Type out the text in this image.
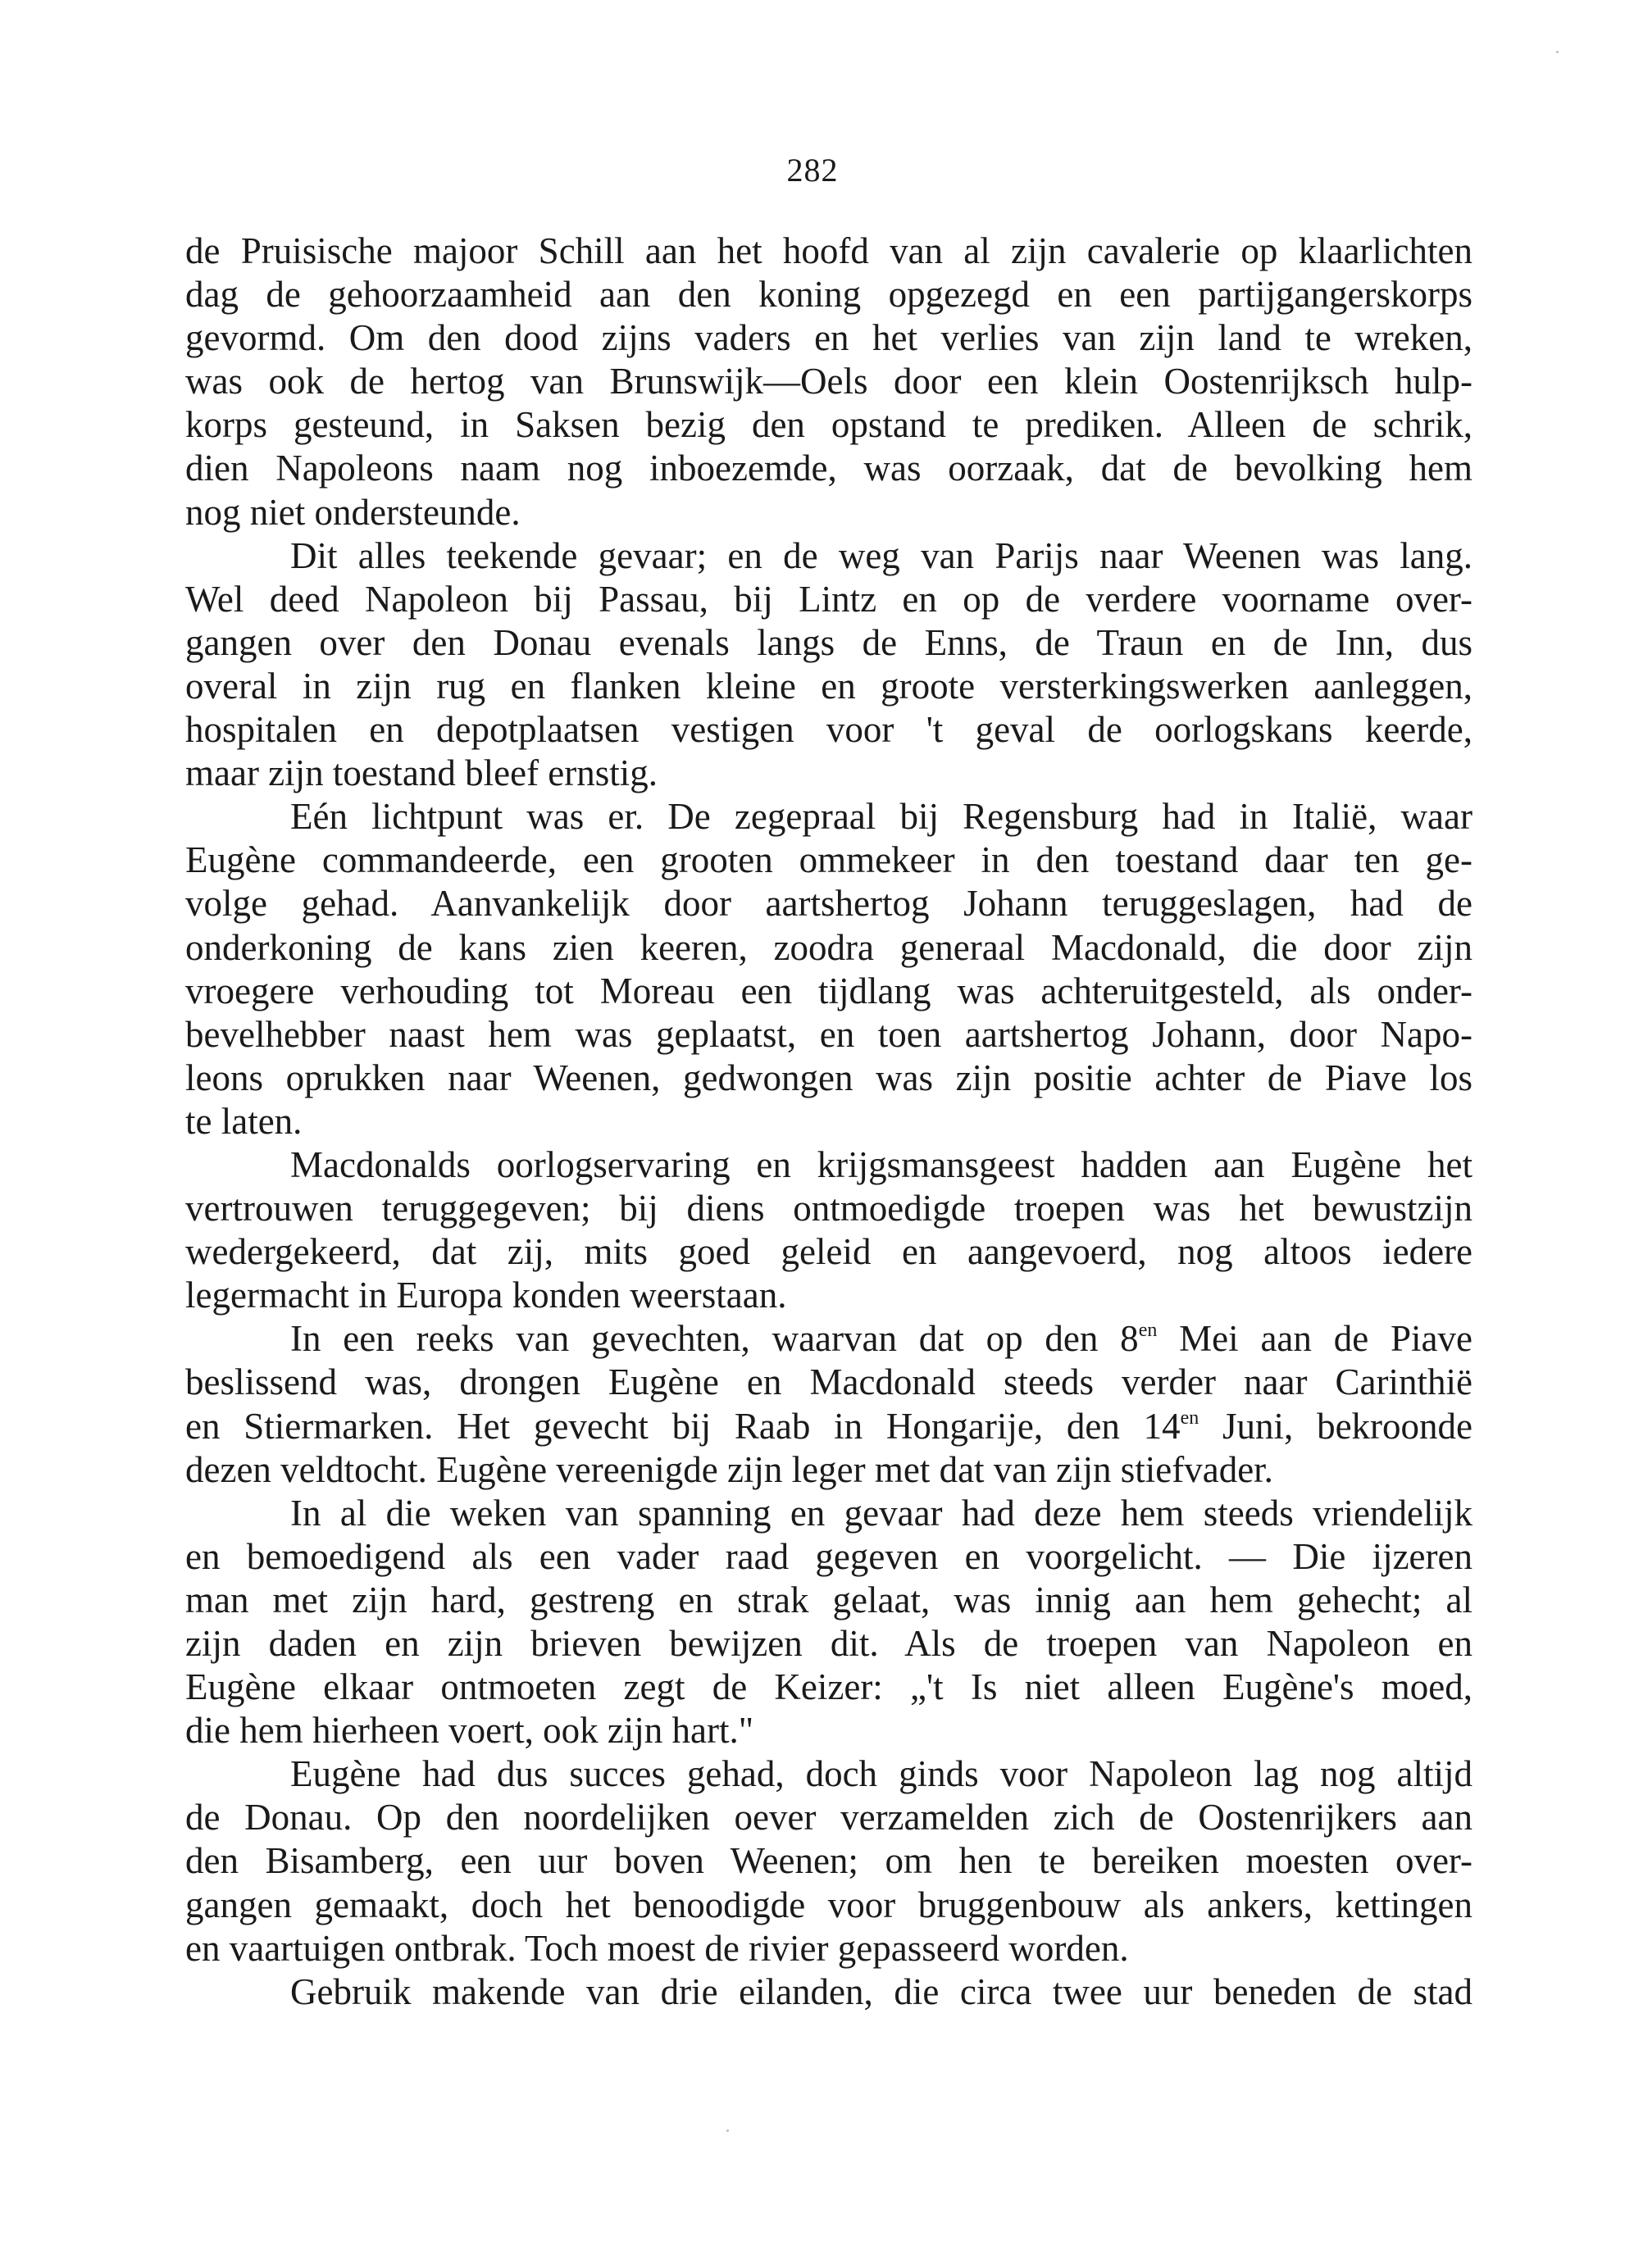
282
de Pruisische majoor Schill aan het hoofd van al zijn cavalerie op klaarlichten
dag de gehoorzaamheid aan den koning opgezegd en een partijgangerskorps
gevormd. Om den dood zijns vaders en het verlies van zijn land te wreken,
was ook de hertog van Brunswijk—Oels door een klein Oostenrijksch hulp-
korps gesteund, in Saksen bezig den opstand te prediken. Alleen de schrik,
dien Napoleons naam nog inboezemde, was oorzaak, dat de bevolking hem
nog niet ondersteunde.
Dit alles teekende gevaar; en de weg van Parijs naar Weenen was lang.
Wel deed Napoleon bij Passau, bij Lintz en op de verdere voorname over-
gangen over den Donau evenals langs de Enns, de Traun en de Inn, dus
overal in zijn rug en flanken kleine en groote versterkingswerken aanleggen,
hospitalen en depotplaatsen vestigen voor 't geval de oorlogskans keerde,
maar zijn toestand bleef ernstig.
Eén lichtpunt was er. De zegepraal bij Regensburg had in Italië, waar
Eugène commandeerde, een grooten ommekeer in den toestand daar ten ge-
volge gehad. Aanvankelijk door aartshertog Johann teruggeslagen, had de
onderkoning de kans zien keeren, zoodra generaal Macdonald, die door zijn
vroegere verhouding tot Moreau een tijdlang was achteruitgesteld, als onder-
bevelhebber naast hem was geplaatst, en toen aartshertog Johann, door Napo-
leons oprukken naar Weenen, gedwongen was zijn positie achter de Piave los
te laten.
Macdonalds oorlogservaring en krijgsmansgeest hadden aan Eugène het
vertrouwen teruggegeven; bij diens ontmoedigde troepen was het bewustzijn
wedergekeerd, dat zij, mits goed geleid en aangevoerd, nog altoos iedere
legermacht in Europa konden weerstaan.
In een reeks van gevechten, waarvan dat op den $8^{en}$ Mei aan de Piave
beslissend was, drongen Eugène en Macdonald steeds verder naar Carinthië
en Stiermarken. Het gevecht bij Raab in Hongarije, den $14^{en}$ Juni, bekroonde
dezen veldtocht. Eugène vereenigde zijn leger met dat van zijn stiefvader.
In al die weken van spanning en gevaar had deze hem steeds vriendelijk
en bemoedigend als een vader raad gegeven en voorgelicht. — Die ijzeren
man met zijn hard, gestreng en strak gelaat, was innig aan hem gehecht; al
zijn daden en zijn brieven bewijzen dit. Als de troepen van Napoleon en
Eugène elkaar ontmoeten zegt de Keizer: „'t Is niet alleen Eugène's moed,
die hem hierheen voert, ook zijn hart."
Eugène had dus succes gehad, doch ginds voor Napoleon lag nog altijd
de Donau. Op den noordelijken oever verzamelden zich de Oostenrijkers aan
den Bisamberg, een uur boven Weenen; om hen te bereiken moesten over-
gangen gemaakt, doch het benoodigde voor bruggenbouw als ankers, kettingen
en vaartuigen ontbrak. Toch moest de rivier gepasseerd worden.
Gebruik makende van drie eilanden, die circa twee uur beneden de stad
